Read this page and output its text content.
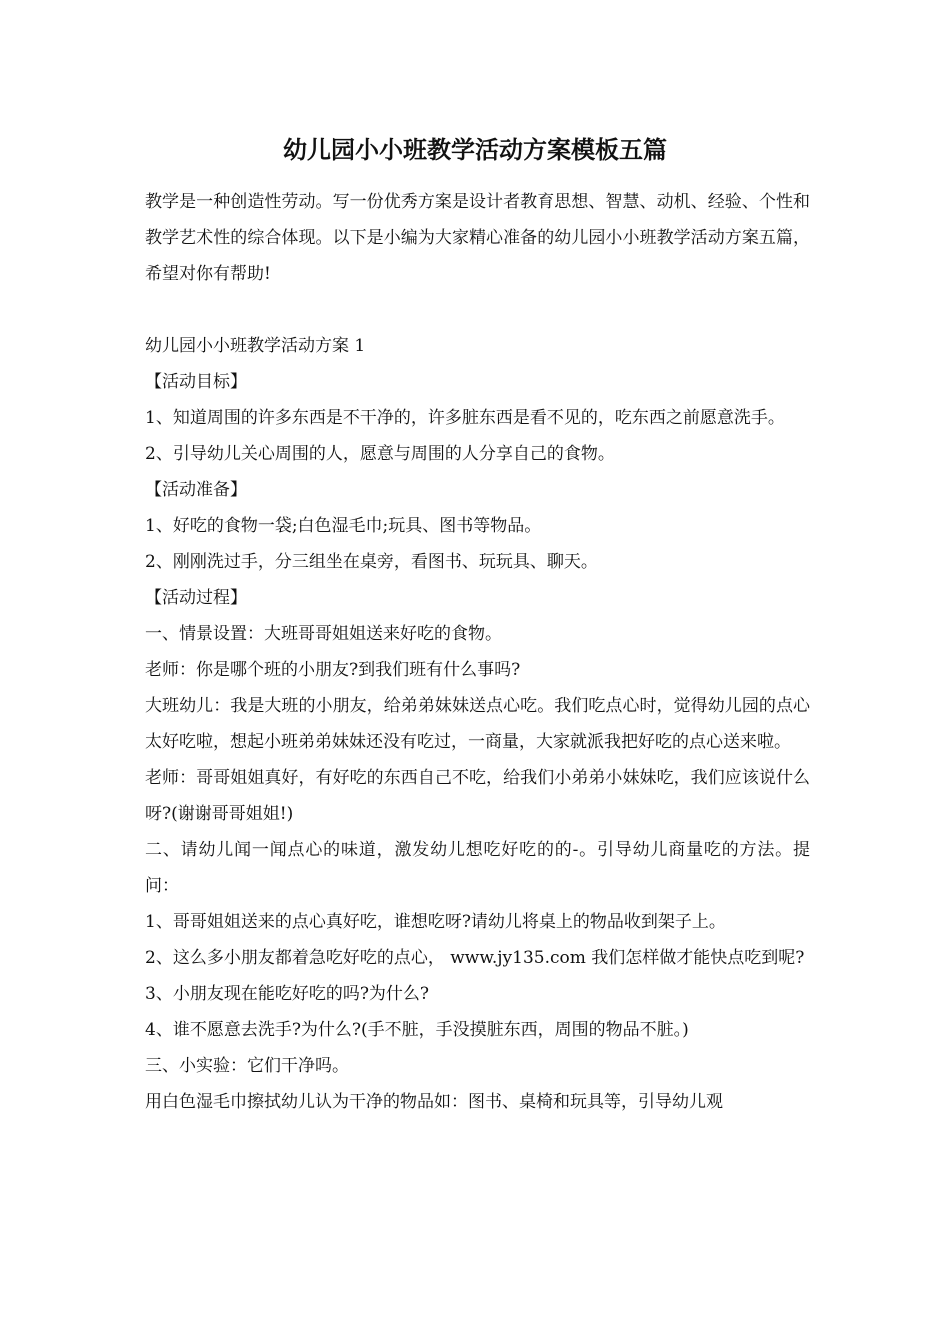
幼儿园小小班教学活动方案模板五篇

教学是一种创造性劳动。写一份优秀方案是设计者教育思想、智慧、动机、经验、个性和教学艺术性的综合体现。以下是小编为大家精心准备的幼儿园小小班教学活动方案五篇，希望对你有帮助!

幼儿园小小班教学活动方案 1

【活动目标】

1、知道周围的许多东西是不干净的，许多脏东西是看不见的，吃东西之前愿意洗手。

2、引导幼儿关心周围的人，愿意与周围的人分享自己的食物。

【活动准备】

1、好吃的食物一袋;白色湿毛巾;玩具、图书等物品。

2、刚刚洗过手，分三组坐在桌旁，看图书、玩玩具、聊天。

【活动过程】

一、情景设置：大班哥哥姐姐送来好吃的食物。

老师：你是哪个班的小朋友?到我们班有什么事吗?

大班幼儿：我是大班的小朋友，给弟弟妹妹送点心吃。我们吃点心时，觉得幼儿园的点心太好吃啦，想起小班弟弟妹妹还没有吃过，一商量，大家就派我把好吃的点心送来啦。

老师：哥哥姐姐真好，有好吃的东西自己不吃，给我们小弟弟小妹妹吃，我们应该说什么呀?(谢谢哥哥姐姐!)

二、请幼儿闻一闻点心的味道，激发幼儿想吃好吃的的-。引导幼儿商量吃的方法。提问：

1、哥哥姐姐送来的点心真好吃，谁想吃呀?请幼儿将桌上的物品收到架子上。

2、这么多小朋友都着急吃好吃的点心， www.jy135.com 我们怎样做才能快点吃到呢?

3、小朋友现在能吃好吃的吗?为什么?

4、谁不愿意去洗手?为什么?(手不脏，手没摸脏东西，周围的物品不脏。)

三、小实验：它们干净吗。

用白色湿毛巾擦拭幼儿认为干净的物品如：图书、桌椅和玩具等，引导幼儿观
